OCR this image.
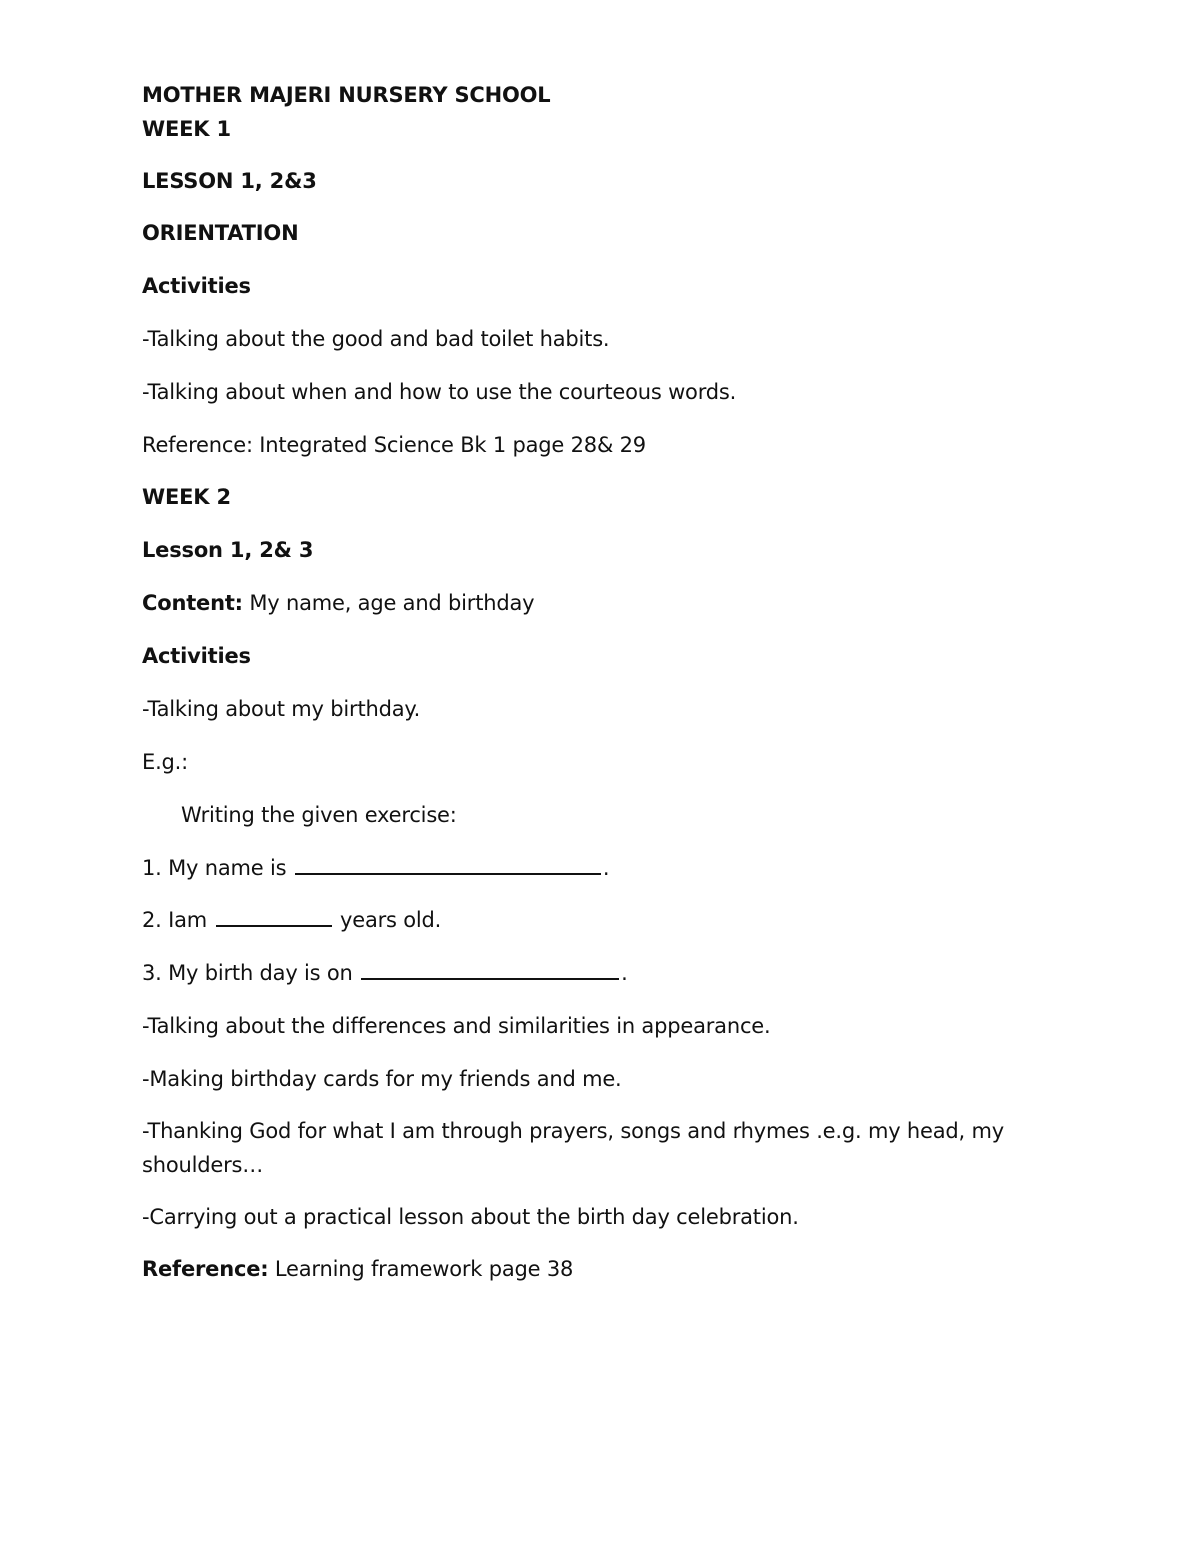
MOTHER MAJERI NURSERY SCHOOL
WEEK 1
LESSON 1, 2&3
ORIENTATION
Activities
-Talking about the good and bad toilet habits.
-Talking about when and how to use the courteous words.
Reference: Integrated Science Bk 1 page 28& 29
WEEK 2
Lesson 1, 2& 3
Content: My name, age and birthday
Activities
-Talking about my birthday.
E.g.:
Writing the given exercise:
1. My name is	.
2. Iam	years old.
3. My birth day is on	.
-Talking about the differences and similarities in appearance.
-Making birthday cards for my friends and me.
-Thanking God for what I am through prayers, songs and rhymes .e.g. my head, my shoulders…
-Carrying out a practical lesson about the birth day celebration.
Reference: Learning framework page 38
